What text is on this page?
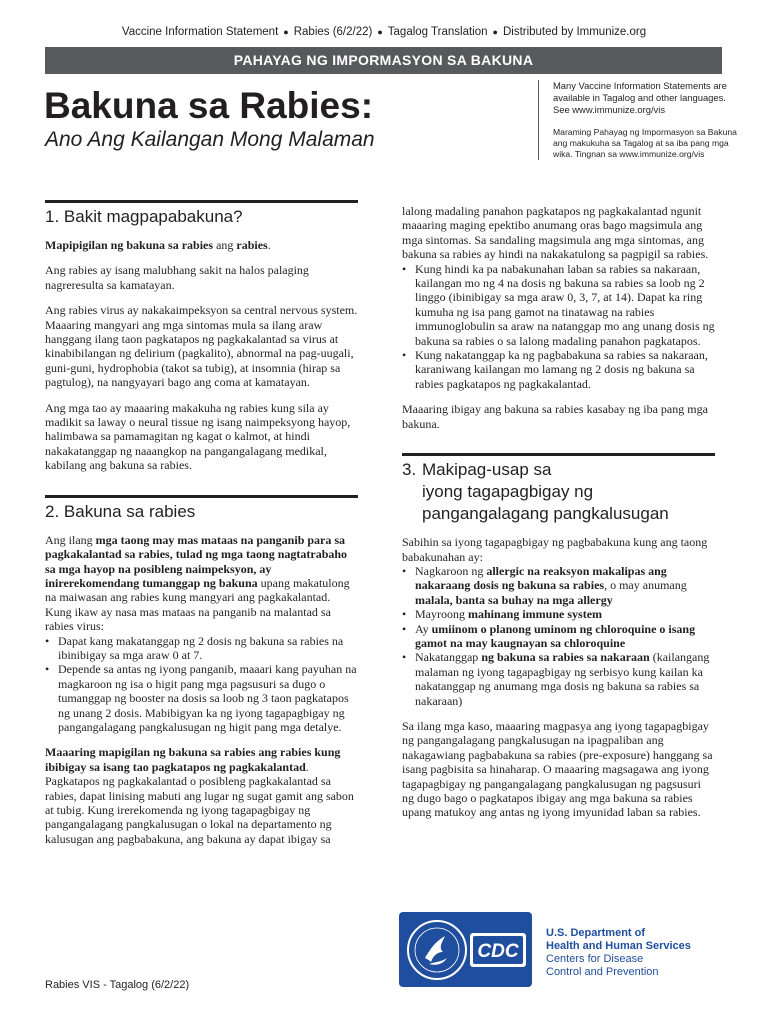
Vaccine Information Statement ● Rabies (6/2/22) ● Tagalog Translation ● Distributed by Immunize.org
PAHAYAG NG IMPORMASYON SA BAKUNA
Bakuna sa Rabies:
Ano Ang Kailangan Mong Malaman

Many Vaccine Information Statements are available in Tagalog and other languages. See www.immunize.org/vis

Maraming Pahayag ng Impormasyon sa Bakuna ang makukuha sa Tagalog at sa iba pang mga wika. Tingnan sa www.immunize.org/vis

1. Bakit magpapabakuna?

Mapipigilan ng bakuna sa rabies ang rabies.

Ang rabies ay isang malubhang sakit na halos palaging nagreresulta sa kamatayan.

Ang rabies virus ay nakakaimpeksyon sa central nervous system. Maaaring mangyari ang mga sintomas mula sa ilang araw hanggang ilang taon pagkatapos ng pagkakalantad sa virus at kinabibilangan ng delirium (pagkalito), abnormal na pag-uugali, guni-guni, hydrophobia (takot sa tubig), at insomnia (hirap sa pagtulog), na nangyayari bago ang coma at kamatayan.

Ang mga tao ay maaaring makakuha ng rabies kung sila ay madikit sa laway o neural tissue ng isang naimpeksyong hayop, halimbawa sa pamamagitan ng kagat o kalmot, at hindi nakakatanggap ng naaangkop na pangangalagang medikal, kabilang ang bakuna sa rabies.

2. Bakuna sa rabies

Ang ilang mga taong may mas mataas na panganib para sa pagkakalantad sa rabies, tulad ng mga taong nagtatrabaho sa mga hayop na posibleng naimpeksyon, ay inirerekomendang tumanggap ng bakuna upang makatulong na maiwasan ang rabies kung mangyari ang pagkakalantad. Kung ikaw ay nasa mas mataas na panganib na malantad sa rabies virus:

• Dapat kang makatanggap ng 2 dosis ng bakuna sa rabies na ibinibigay sa mga araw 0 at 7.
• Depende sa antas ng iyong panganib, maaari kang payuhan na magkaroon ng isa o higit pang mga pagsusuri sa dugo o tumanggap ng booster na dosis sa loob ng 3 taon pagkatapos ng unang 2 dosis. Mabibigyan ka ng iyong tagapagbigay ng pangangalagang pangkalusugan ng higit pang mga detalye.

Maaaring mapigilan ng bakuna sa rabies ang rabies kung ibibigay sa isang tao pagkatapos ng pagkakalantad. Pagkatapos ng pagkakalantad o posibleng pagkakalantad sa rabies, dapat linising mabuti ang lugar ng sugat gamit ang sabon at tubig. Kung irerekomenda ng iyong tagapagbigay ng pangangalagang pangkalusugan o lokal na departamento ng kalusugan ang pagbabakuna, ang bakuna ay dapat ibigay sa

lalong madaling panahon pagkatapos ng pagkakalantad ngunit maaaring maging epektibo anumang oras bago magsimula ang mga sintomas. Sa sandaling magsimula ang mga sintomas, ang bakuna sa rabies ay hindi na nakakatulong sa pagpigil sa rabies.

• Kung hindi ka pa nabakunahan laban sa rabies sa nakaraan, kailangan mo ng 4 na dosis ng bakuna sa rabies sa loob ng 2 linggo (ibinibigay sa mga araw 0, 3, 7, at 14). Dapat ka ring kumuha ng isa pang gamot na tinatawag na rabies immunoglobulin sa araw na natanggap mo ang unang dosis ng bakuna sa rabies o sa lalong madaling panahon pagkatapos.
• Kung nakatanggap ka ng pagbabakuna sa rabies sa nakaraan, karaniwang kailangan mo lamang ng 2 dosis ng bakuna sa rabies pagkatapos ng pagkakalantad.

Maaaring ibigay ang bakuna sa rabies kasabay ng iba pang mga bakuna.

3. Makipag-usap sa
iyong tagapagbigay ng
pangangalagang pangkalusugan

Sabihin sa iyong tagapagbigay ng pagbabakuna kung ang taong babakunahan ay:

• Nagkaroon ng allergic na reaksyon makalipas ang nakaraang dosis ng bakuna sa rabies, o may anumang malala, banta sa buhay na mga allergy
• Mayroong mahinang immune system
• Ay umiinom o planong uminom ng chloroquine o isang gamot na may kaugnayan sa chloroquine
• Nakatanggap ng bakuna sa rabies sa nakaraan (kailangang malaman ng iyong tagapagbigay ng serbisyo kung kailan ka nakatanggap ng anumang mga dosis ng bakuna sa rabies sa nakaraan)

Sa ilang mga kaso, maaaring magpasya ang iyong tagapagbigay ng pangangalagang pangkalusugan na ipagpaliban ang nakagawiang pagbabakuna sa rabies (pre-exposure) hanggang sa isang pagbisita sa hinaharap. O maaaring magsagawa ang iyong tagapagbigay ng pangangalagang pangkalusugan ng pagsusuri ng dugo bago o pagkatapos ibigay ang mga bakuna sa rabies upang matukoy ang antas ng iyong imyunidad laban sa rabies.

Rabies VIS - Tagalog (6/2/22)
CDC
U.S. Department of
Health and Human Services
Centers for Disease
Control and Prevention
